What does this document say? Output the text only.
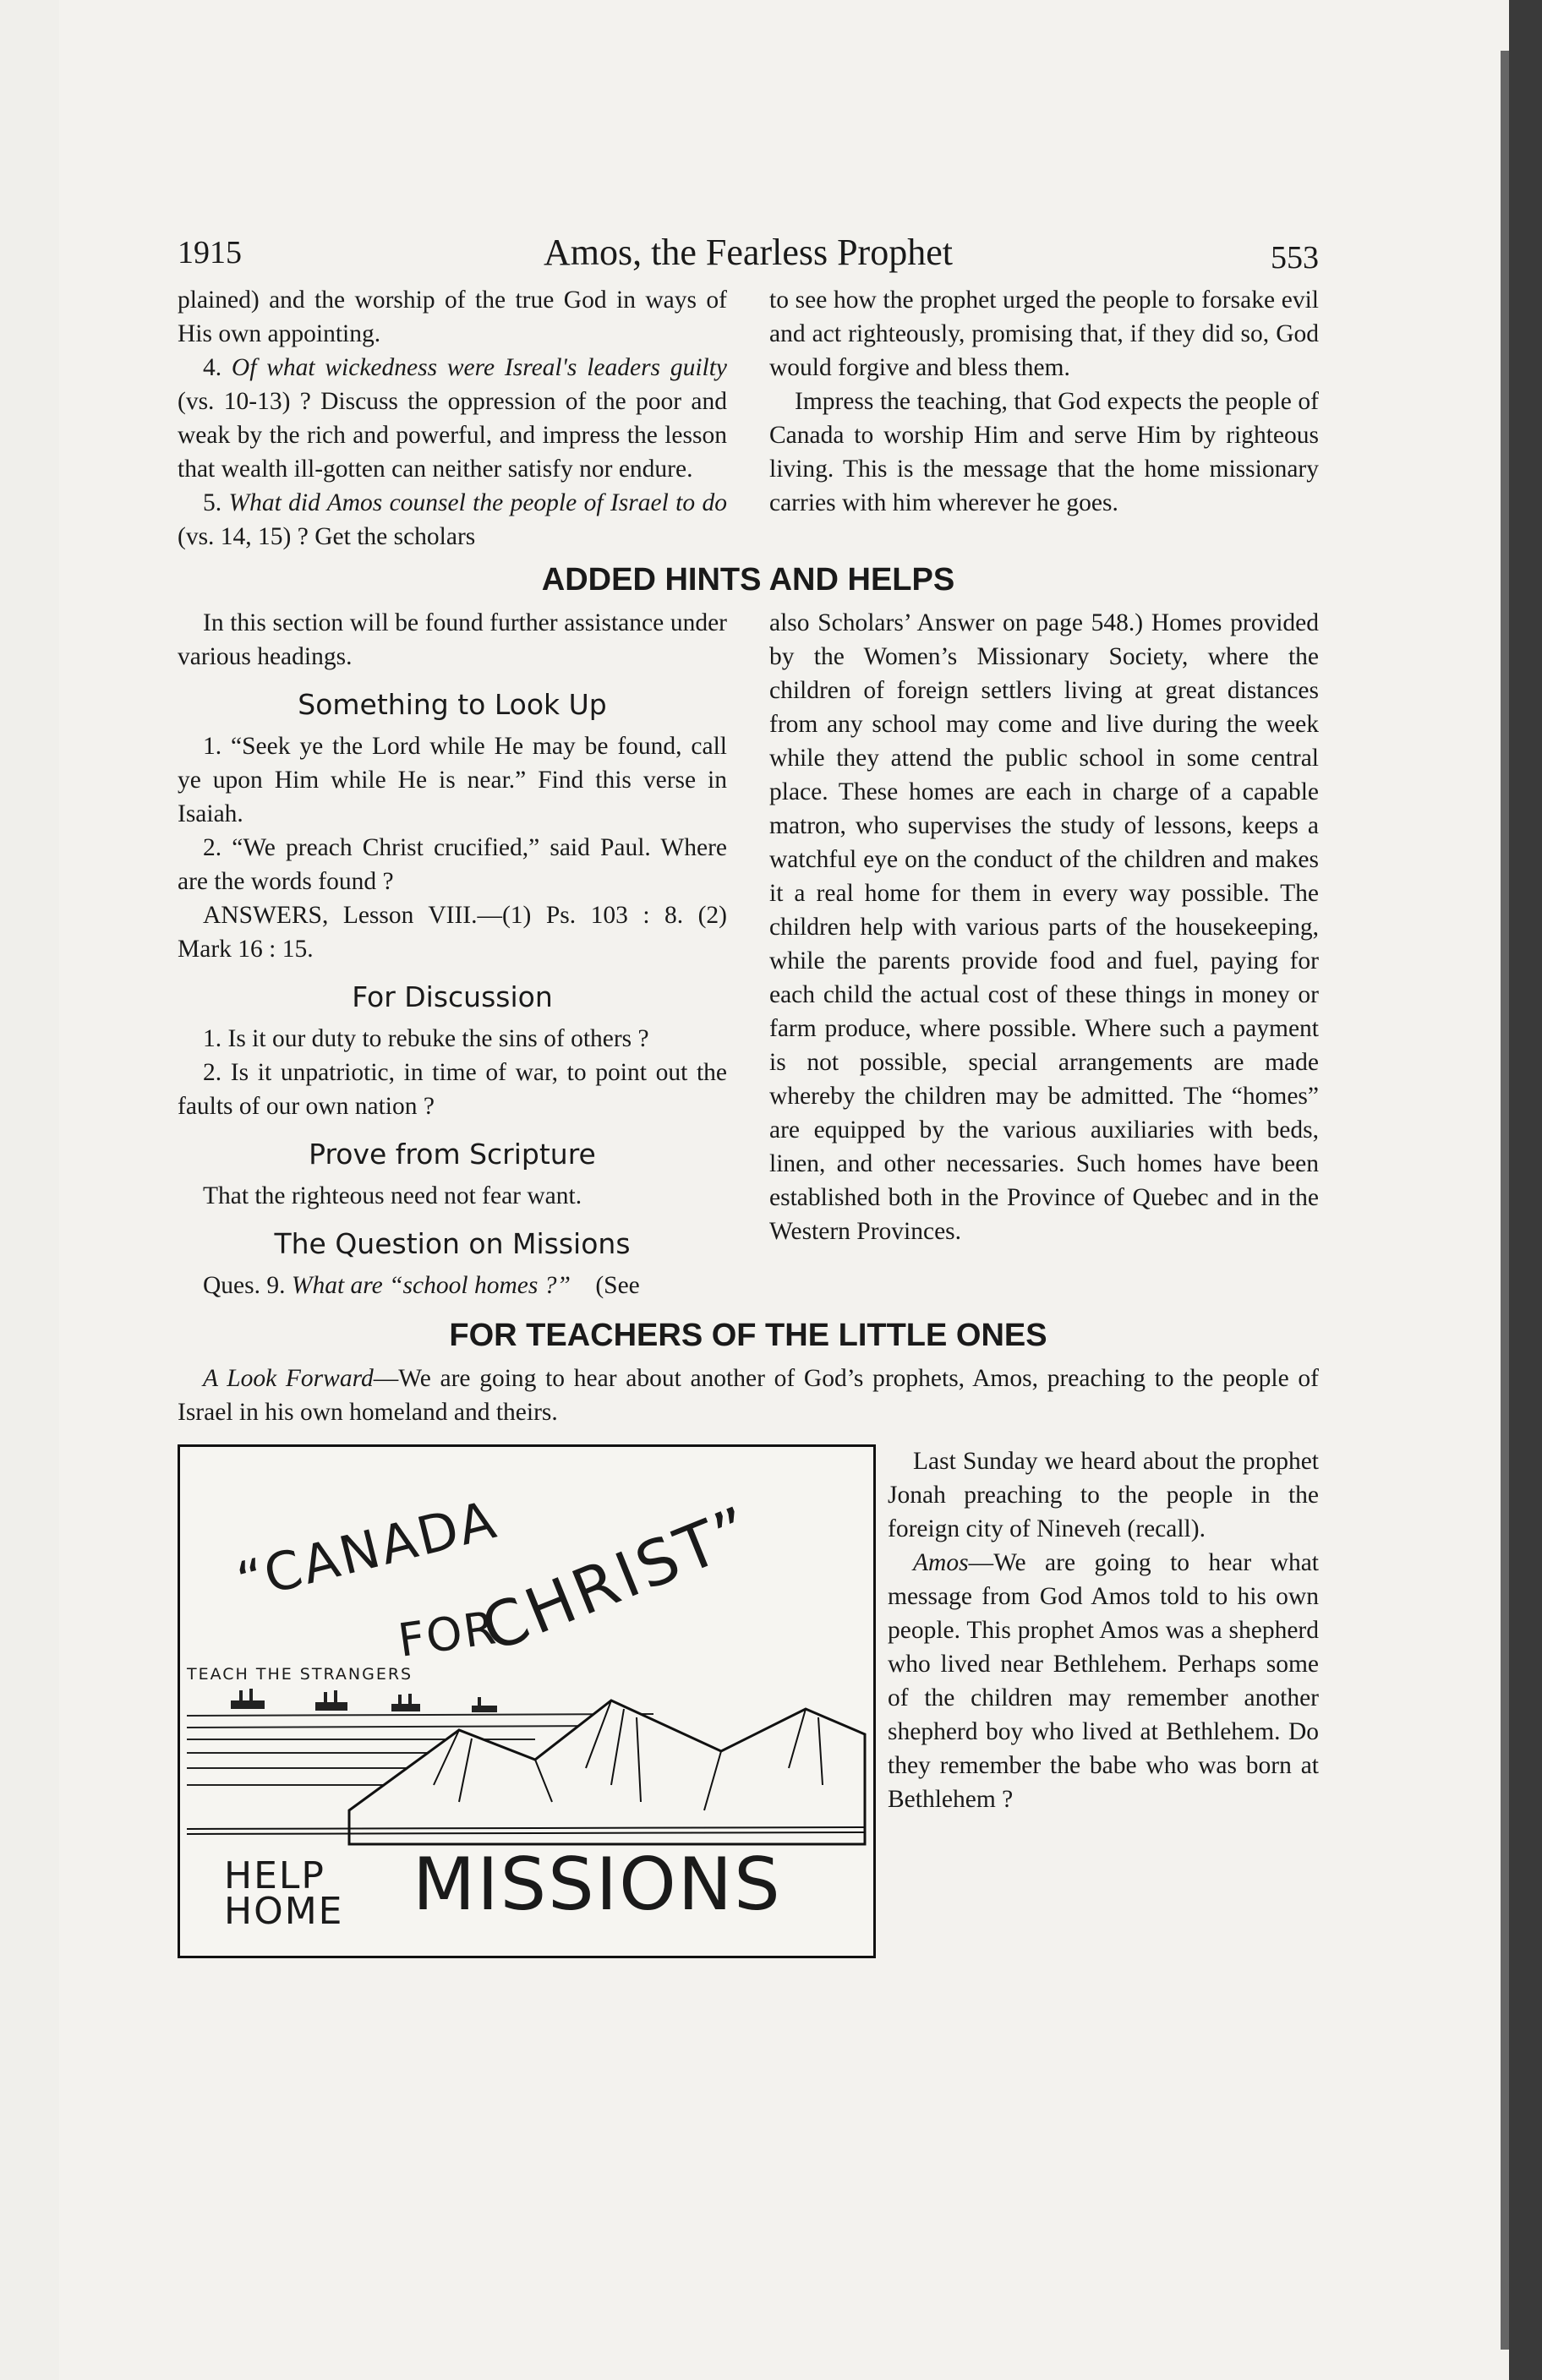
1915	Amos, the Fearless Prophet	553

plained) and the worship of the true God in ways of His own appointing.

4. Of what wickedness were Isreal's leaders guilty (vs. 10-13) ? Discuss the oppression of the poor and weak by the rich and powerful, and impress the lesson that wealth ill-gotten can neither satisfy nor endure.

5. What did Amos counsel the people of Israel to do (vs. 14, 15) ? Get the scholars

to see how the prophet urged the people to forsake evil and act righteously, promising that, if they did so, God would forgive and bless them.

Impress the teaching, that God expects the people of Canada to worship Him and serve Him by righteous living. This is the message that the home missionary carries with him wherever he goes.

ADDED HINTS AND HELPS

In this section will be found further assistance under various headings.

Something to Look Up

1. “Seek ye the Lord while He may be found, call ye upon Him while He is near.” Find this verse in Isaiah.

2. “We preach Christ crucified,” said Paul. Where are the words found ?

ANSWERS, Lesson VIII.—(1) Ps. 103 : 8. (2) Mark 16 : 15.

For Discussion

1. Is it our duty to rebuke the sins of others ?

2. Is it unpatriotic, in time of war, to point out the faults of our own nation ?

Prove from Scripture

That the righteous need not fear want.

The Question on Missions

Ques. 9. What are “school homes ?” (See

also Scholars’ Answer on page 548.) Homes provided by the Women’s Missionary Society, where the children of foreign settlers living at great distances from any school may come and live during the week while they attend the public school in some central place. These homes are each in charge of a capable matron, who supervises the study of lessons, keeps a watchful eye on the conduct of the children and makes it a real home for them in every way possible. The children help with various parts of the housekeeping, while the parents provide food and fuel, paying for each child the actual cost of these things in money or farm produce, where possible. Where such a payment is not possible, special arrangements are made whereby the children may be admitted. The “homes” are equipped by the various auxiliaries with beds, linen, and other necessaries. Such homes have been established both in the Province of Quebec and in the Western Provinces.

FOR TEACHERS OF THE LITTLE ONES

A Look Forward—We are going to hear about another of God’s prophets, Amos, preaching to the people of Israel in his own homeland and theirs.

“CANADA
FOR
CHRIST”
TEACH THE STRANGERS
HELP
HOME MISSIONS

Last Sunday we heard about the prophet Jonah preaching to the people in the foreign city of Nineveh (recall).

Amos—We are going to hear what message from God Amos told to his own people. This prophet Amos was a shepherd who lived near Bethlehem. Perhaps some of the children may remember another shepherd boy who lived at Bethlehem. Do they remember the babe who was born at Bethlehem ?
